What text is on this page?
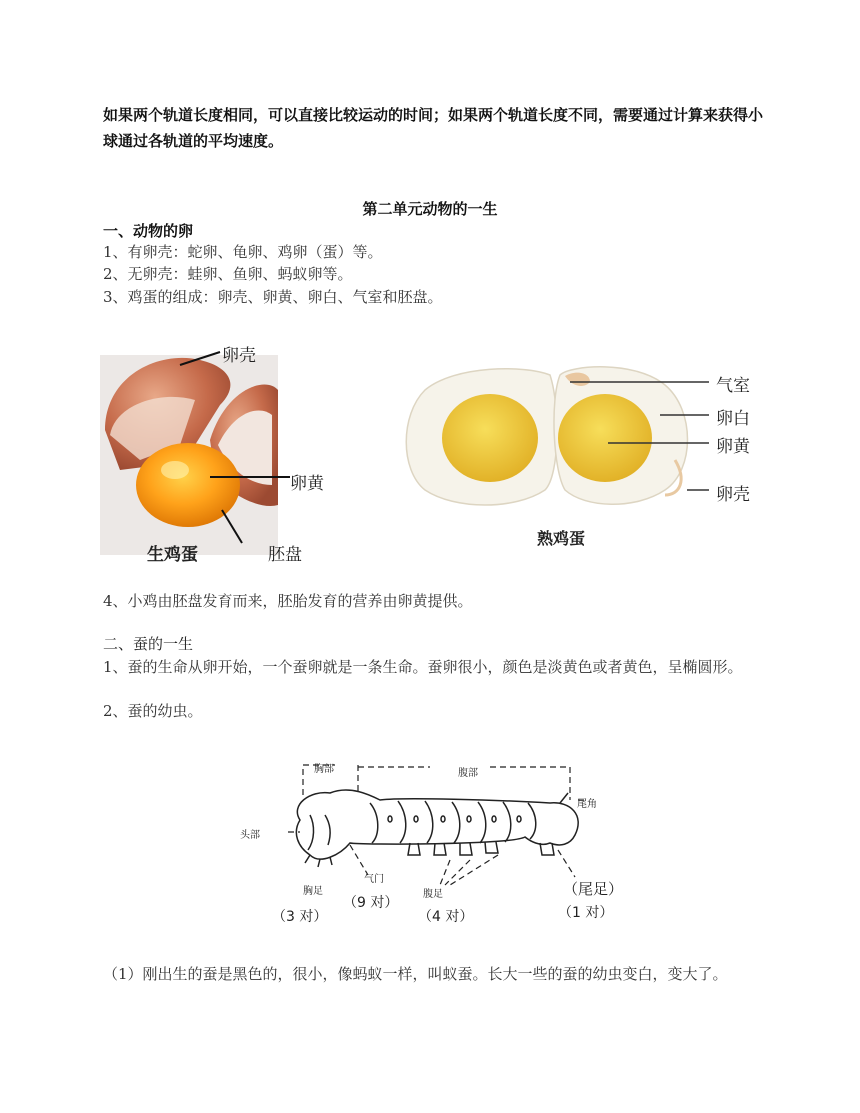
如果两个轨道长度相同，可以直接比较运动的时间；如果两个轨道长度不同，需要通过计算来获得小球通过各轨道的平均速度。
第二单元动物的一生
一、动物的卵
1、有卵壳：蛇卵、龟卵、鸡卵（蛋）等。
2、无卵壳：蛙卵、鱼卵、蚂蚁卵等。
3、鸡蛋的组成：卵壳、卵黄、卵白、气室和胚盘。
卵壳
卵黄
胚盘
生鸡蛋
气室
卵白
卵黄
卵壳
熟鸡蛋
4、小鸡由胚盘发育而来，胚胎发育的营养由卵黄提供。
二、蚕的一生
1、蚕的生命从卵开始，一个蚕卵就是一条生命。蚕卵很小，颜色是淡黄色或者黄色，呈椭圆形。
2、蚕的幼虫。
胸部	腹部
尾角
头部
胸足
气门
腹足	（尾足）
（3 对）
（9 对）
（4 对）	（1 对）
（1）刚出生的蚕是黑色的，很小，像蚂蚁一样，叫蚁蚕。长大一些的蚕的幼虫变白，变大了。
